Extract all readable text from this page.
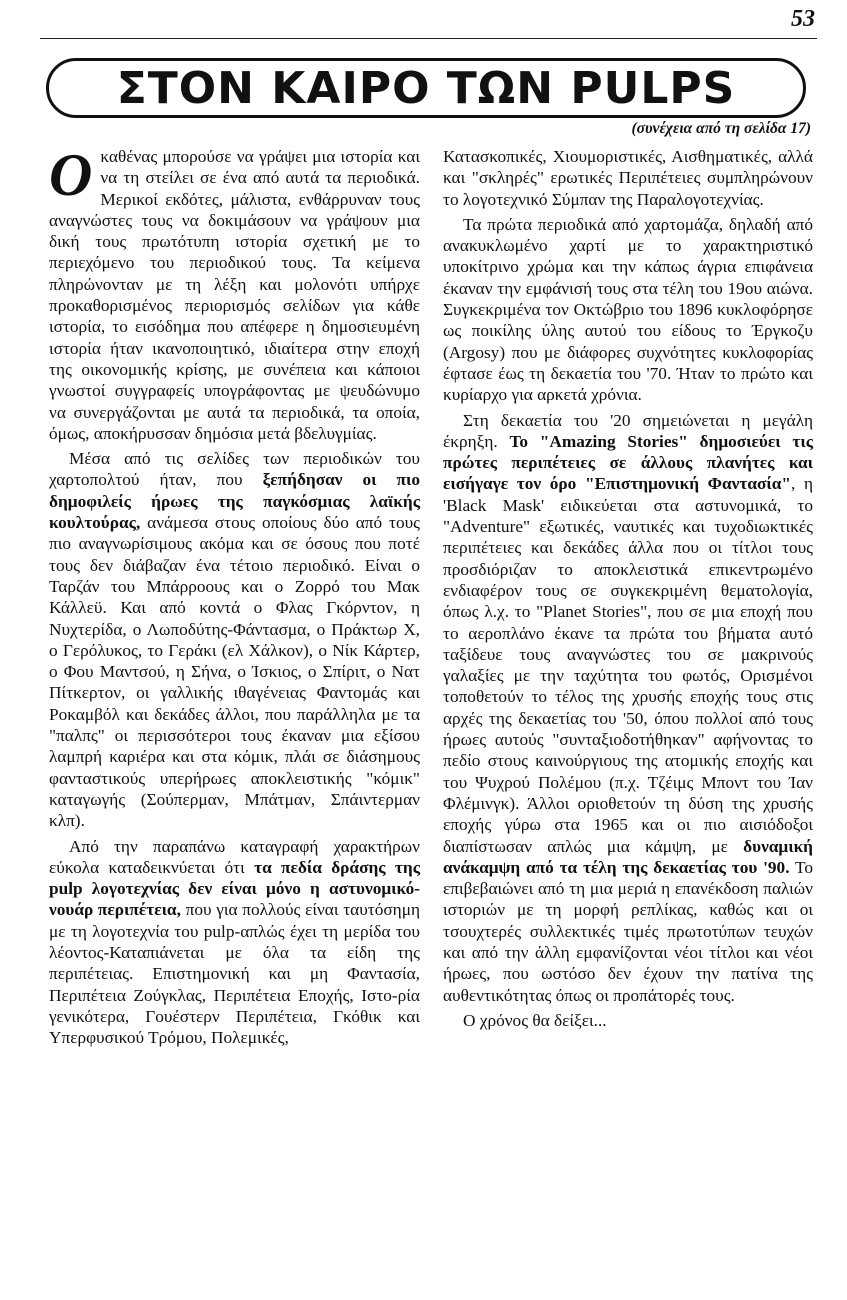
53
ΣΤΟΝ ΚΑΙΡΟ ΤΩΝ PULPS
(συνέχεια από τη σελίδα 17)

Οκαθένας μπορούσε να γράψει μια ιστορία και να τη στείλει σε ένα από αυτά τα περιοδικά. Μερικοί εκδότες, μάλιστα, ενθάρρυναν τους αναγνώστες τους να δοκιμάσουν να γράψουν μια δική τους πρωτότυπη ιστορία σχετική με το περιεχόμενο του περιοδικού τους. Τα κείμενα πληρώνονταν με τη λέξη και μολονότι υπήρχε προκαθορισμένος περιορισμός σελίδων για κάθε ιστορία, το εισόδημα που απέφερε η δημοσιευμένη ιστορία ήταν ικανοποιητικό, ιδιαίτερα στην εποχή της οικονομικής κρίσης, με συνέπεια και κάποιοι γνωστοί συγγραφείς υπογράφοντας με ψευδώνυμο να συνεργάζονται με αυτά τα περιοδικά, τα οποία, όμως, αποκήρυσσαν δημόσια μετά βδελυγμίας.

Μέσα από τις σελίδες των περιοδικών του χαρτοπολτού ήταν, που ξεπήδησαν οι πιο δημοφιλείς ήρωες της παγκόσμιας λαϊκής κουλτούρας, ανάμεσα στους οποίους δύο από τους πιο αναγνωρίσιμους ακόμα και σε όσους που ποτέ τους δεν διάβαζαν ένα τέτοιο περιοδικό. Είναι ο Ταρζάν του Μπάρροους και ο Ζορρό του Μακ Κάλλεϋ. Και από κοντά ο Φλας Γκόρντον, η Νυχτερίδα, ο Λωποδύτης-Φάντασμα, ο Πράκτωρ Χ, ο Γερόλυκος, το Γεράκι (ελ Χάλκον), ο Νίκ Κάρτερ, ο Φου Μαντσού, η Σήνα, ο Ίσκιος, ο Σπίριτ, ο Νατ Πίτκερτον, οι γαλλικής ιθαγένειας Φαντομάς και Ροκαμβόλ και δεκάδες άλλοι, που παράλληλα με τα "παλπς" οι περισσότεροι τους έκαναν μια εξίσου λαμπρή καριέρα και στα κόμικ, πλάι σε διάσημους φανταστικούς υπερήρωες αποκλειστικής "κόμικ" καταγωγής (Σούπερμαν, Μπάτμαν, Σπάιντερμαν κλπ).

Από την παραπάνω καταγραφή χαρακτήρων εύκολα καταδεικνύεται ότι τα πεδία δράσης της pulp λογοτεχνίας δεν είναι μόνο η αστυνομικό-νουάρ περιπέτεια, που για πολλούς είναι ταυτόσημη με τη λογοτεχνία του pulp-απλώς έχει τη μερίδα του λέοντος-Καταπιάνεται με όλα τα είδη της περιπέτειας. Επιστημονική και μη Φαντασία, Περιπέτεια Ζούγκλας, Περιπέτεια Εποχής, Ιστο-ρία γενικότερα, Γουέστερν Περιπέτεια, Γκόθικ και Υπερφυσικού Τρόμου, Πολεμικές,

Κατασκοπικές, Χιουμοριστικές, Αισθηματικές, αλλά και "σκληρές" ερωτικές Περιπέτειες συμπληρώνουν το λογοτεχνικό Σύμπαν της Παραλογοτεχνίας.

Τα πρώτα περιοδικά από χαρτομάζα, δηλαδή από ανακυκλωμένο χαρτί με το χαρακτηριστικό υποκίτρινο χρώμα και την κάπως άγρια επιφάνεια έκαναν την εμφάνισή τους στα τέλη του 19ου αιώνα. Συγκεκριμένα τον Οκτώβριο του 1896 κυκλοφόρησε ως ποικίλης ύλης αυτού του είδους το Έργκοζυ (Argosy) που με διάφορες συχνότητες κυκλοφορίας έφτασε έως τη δεκαετία του '70. Ήταν το πρώτο και κυρίαρχο για αρκετά χρόνια.

Στη δεκαετία του '20 σημειώνεται η μεγάλη έκρηξη. Το "Amazing Stories" δημοσιεύει τις πρώτες περιπέτειες σε άλλους πλανήτες και εισήγαγε τον όρο "Επιστημονική Φαντασία", η 'Black Mask' ειδικεύεται στα αστυνομικά, το "Adventure" εξωτικές, ναυτικές και τυχοδιωκτικές περιπέτειες και δεκάδες άλλα που οι τίτλοι τους προσδιόριζαν το αποκλειστικά επικεντρωμένο ενδιαφέρον τους σε συγκεκριμένη θεματολογία, όπως λ.χ. το "Planet Stories", που σε μια εποχή που το αεροπλάνο έκανε τα πρώτα του βήματα αυτό ταξίδευε τους αναγνώστες του σε μακρινούς γαλαξίες με την ταχύτητα του φωτός, Ορισμένοι τοποθετούν το τέλος της χρυσής εποχής τους στις αρχές της δεκαετίας του '50, όπου πολλοί από τους ήρωες αυτούς "συνταξιοδοτήθηκαν" αφήνοντας το πεδίο στους καινούργιους της ατομικής εποχής και του Ψυχρού Πολέμου (π.χ. Τζέιμς Μποντ του Ίαν Φλέμινγκ). Άλλοι οριοθετούν τη δύση της χρυσής εποχής γύρω στα 1965 και οι πιο αισιόδοξοι διαπίστωσαν απλώς μια κάμψη, με δυναμική ανάκαμψη από τα τέλη της δεκαετίας του '90. Το επιβεβαιώνει από τη μια μεριά η επανέκδοση παλιών ιστοριών με τη μορφή ρεπλίκας, καθώς και οι τσουχτερές συλλεκτικές τιμές πρωτοτύπων τευχών και από την άλλη εμφανίζονται νέοι τίτλοι και νέοι ήρωες, που ωστόσο δεν έχουν την πατίνα της αυθεντικότητας όπως οι προπάτορές τους.

Ο χρόνος θα δείξει...
